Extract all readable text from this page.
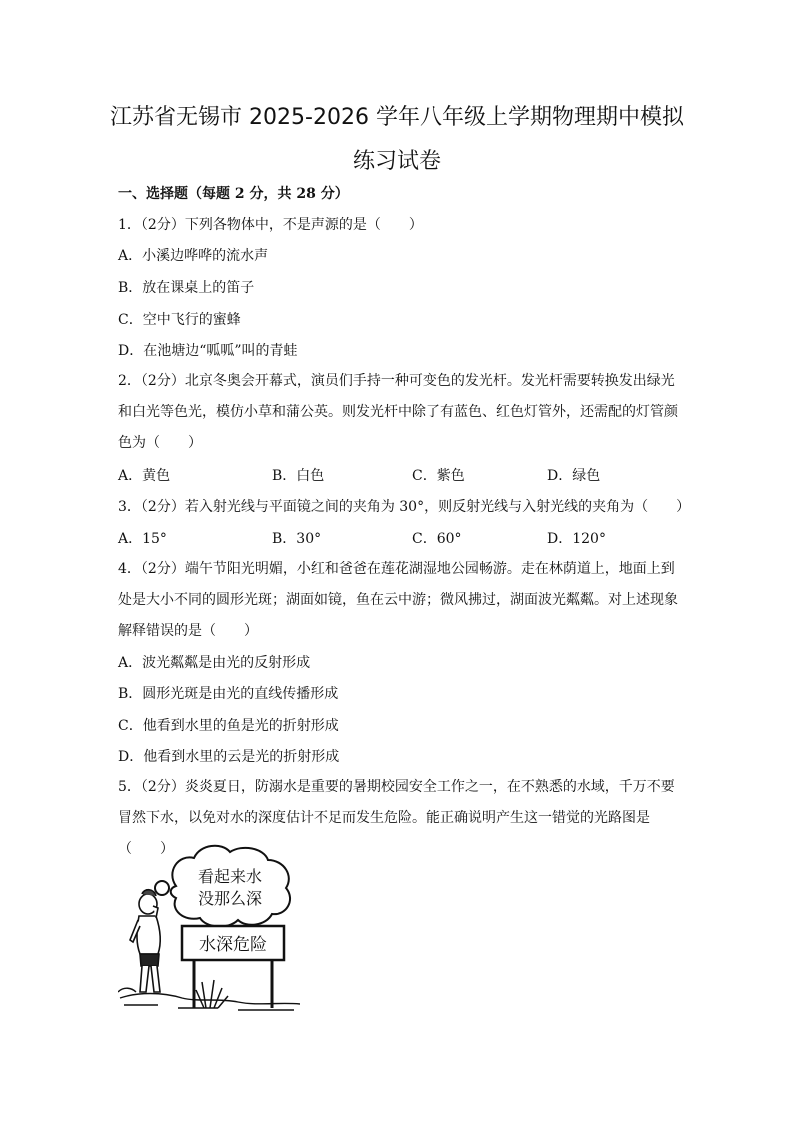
江苏省无锡市 2025-2026 学年八年级上学期物理期中模拟练习试卷
一、选择题（每题 2 分，共 28 分）
1．（2分）下列各物体中，不是声源的是（　　）
A．小溪边哗哗的流水声
B．放在课桌上的笛子
C．空中飞行的蜜蜂
D．在池塘边“呱呱”叫的青蛙
2．（2分）北京冬奥会开幕式，演员们手持一种可变色的发光杆。发光杆需要转换发出绿光和白光等色光，模仿小草和蒲公英。则发光杆中除了有蓝色、红色灯管外，还需配的灯管颜色为（　　）
A．黄色	B．白色	C．紫色	D．绿色
3．（2分）若入射光线与平面镜之间的夹角为 30°，则反射光线与入射光线的夹角为（　　）
A．15°	B．30°	C．60°	D．120°
4．（2分）端午节阳光明媚，小红和爸爸在莲花湖湿地公园畅游。走在林荫道上，地面上到处是大小不同的圆形光斑；湖面如镜，鱼在云中游；微风拂过，湖面波光粼粼。对上述现象解释错误的是（　　）
A．波光粼粼是由光的反射形成
B．圆形光斑是由光的直线传播形成
C．他看到水里的鱼是光的折射形成
D．他看到水里的云是光的折射形成
5．（2分）炎炎夏日，防溺水是重要的暑期校园安全工作之一，在不熟悉的水域，千万不要冒然下水，以免对水的深度估计不足而发生危险。能正确说明产生这一错觉的光路图是（　　）
看起来水
没那么深
水深危险
